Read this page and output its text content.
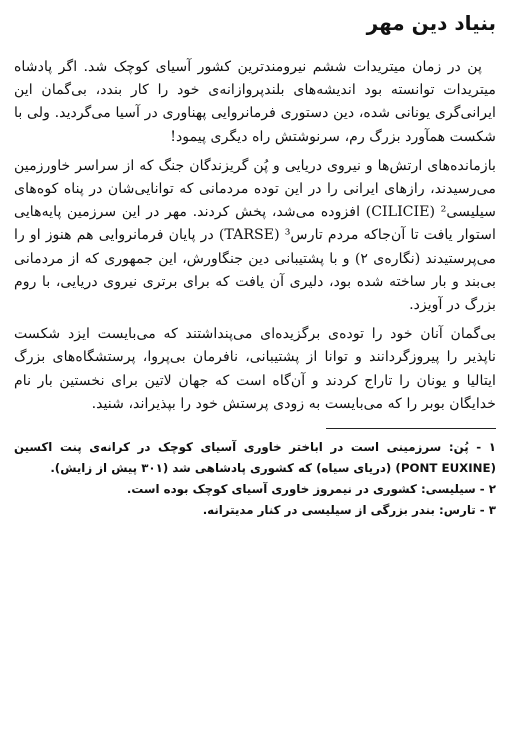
بنیاد دین مهر

پن در زمان میتریدات ششم نیرومندترین کشور آسیای کوچک شد. اگر پادشاه میتریدات توانسته بود اندیشه‌های بلندپروازانه‌ی خود را کار بندد، بی‌گمان این ایرانی‌گری یونانی شده، دین دستوری فرمانروایی پهناوری در آسیا می‌گردید. ولی با شکست همآورد بزرگ رم، سرنوشتش راه دیگری پیمود!

بازمانده‌های ارتش‌ها و نیروی دریایی و پُن گریزندگان جنگ که از سراسر خاورزمین می‌رسیدند، رازهای ایرانی را در این توده مردمانی که توانایی‌شان در پناه کوه‌های سیلیسی² (CILICIE) افزوده می‌شد، پخش کردند. مهر در این سرزمین پایه‌هایی استوار یافت تا آن‌جاکه مردم تارس³ (TARSE) در پایان فرمانروایی هم هنوز او را می‌پرستیدند (نگاره‌ی ۲) و با پشتیبانی دین جنگاورش، این جمهوری که از مردمانی بی‌بند و بار ساخته شده بود، دلیری آن یافت که برای برتری نیروی دریایی، با روم بزرگ در آویزد.

بی‌گمان آنان خود را توده‌ی برگزیده‌ای می‌پنداشتند که می‌بایست ایزد شکست ناپذیر را پیروزگردانند و توانا از پشتیبانی، نافرمان بی‌پروا، پرستشگاه‌های بزرگ ایتالیا و یونان را تاراج کردند و آن‌گاه است که جهان لاتین برای نخستین بار نام خدایگان بوبر را که می‌بایست به زودی پرستش خود را بپذیراند، شنید.

۱ - پُن: سرزمینی است در اباختر خاوری آسیای کوچک در کرانه‌ی پنت اکسین (PONT EUXINE) (دریای سیاه) که کشوری پادشاهی شد (۳۰۱ پیش از زایش).

۲ - سیلیسی: کشوری در نیمروز خاوری آسیای کوچک بوده است.

۳ - تارس: بندر بزرگی از سیلیسی در کنار مدیترانه.
